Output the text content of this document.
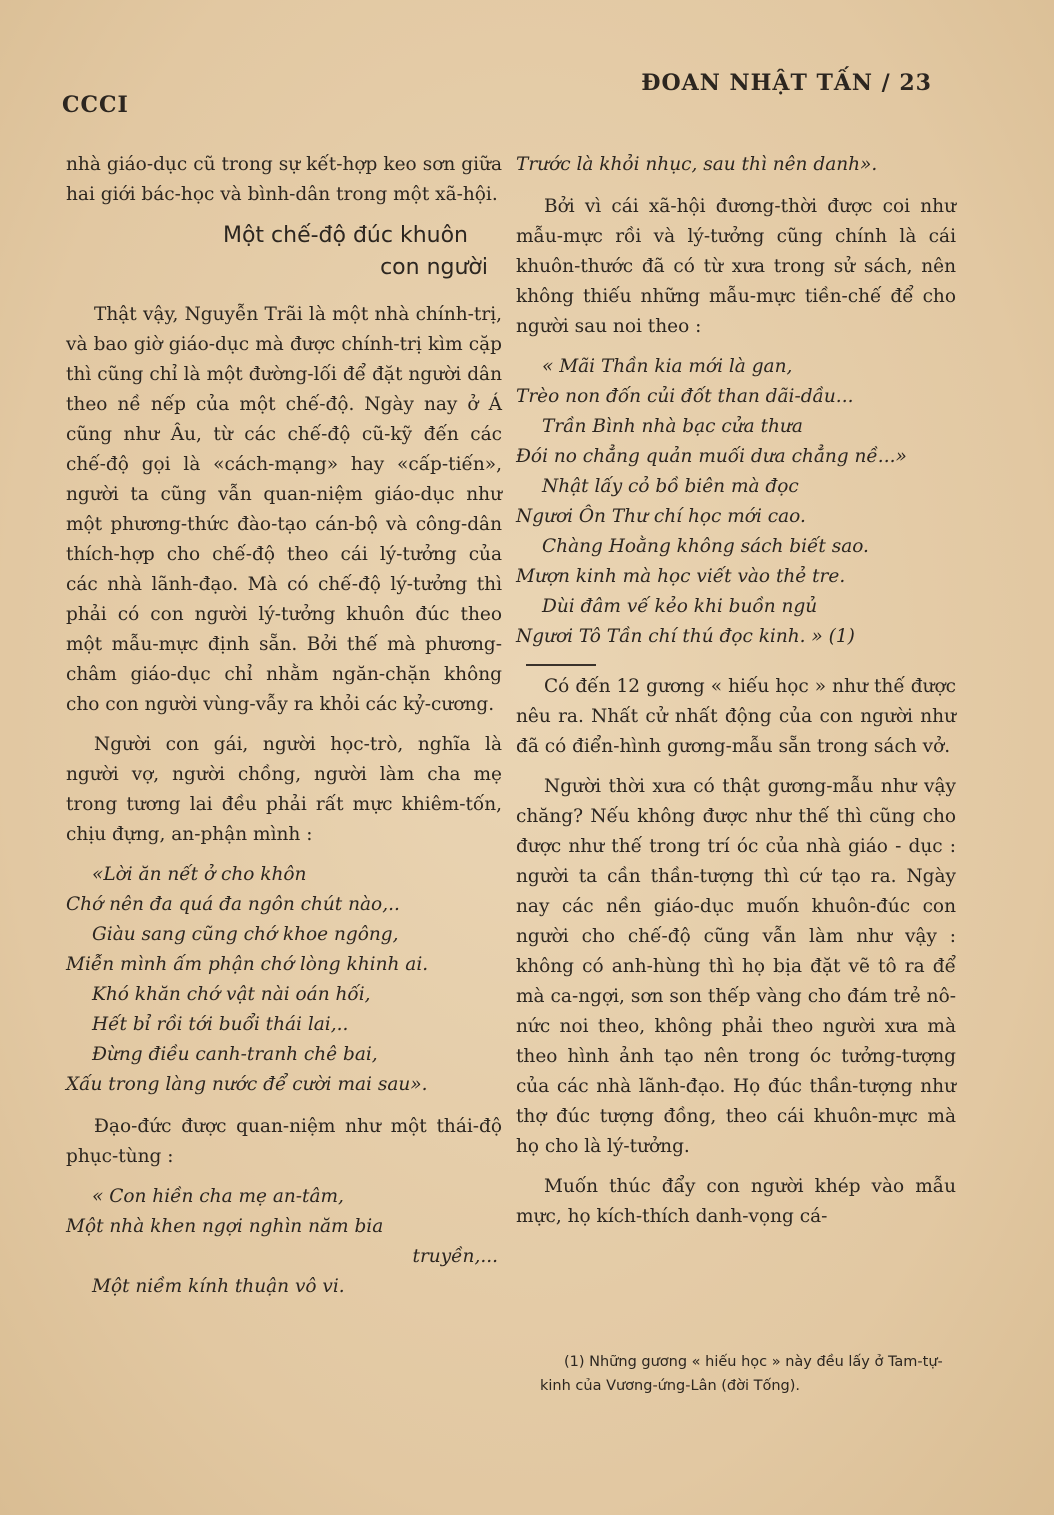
CCCI
ĐOAN NHẬT TẤN / 23

nhà giáo-dục cũ trong sự kết-hợp keo sơn giữa hai giới bác-học và bình-dân trong một xã-hội.

Một chế-độ đúc khuôn
con người

Thật vậy, Nguyễn Trãi là một nhà chính-trị, và bao giờ giáo-dục mà được chính-trị kìm cặp thì cũng chỉ là một đường-lối để đặt người dân theo nề nếp của một chế-độ. Ngày nay ở Á cũng như Âu, từ các chế-độ cũ-kỹ đến các chế-độ gọi là «cách-mạng» hay «cấp-tiến», người ta cũng vẫn quan-niệm giáo-dục như một phương-thức đào-tạo cán-bộ và công-dân thích-hợp cho chế-độ theo cái lý-tưởng của các nhà lãnh-đạo. Mà có chế-độ lý-tưởng thì phải có con người lý-tưởng khuôn đúc theo một mẫu-mực định sẵn. Bởi thế mà phương-châm giáo-dục chỉ nhằm ngăn-chặn không cho con người vùng-vẫy ra khỏi các kỷ-cương.

Người con gái, người học-trò, nghĩa là người vợ, người chồng, người làm cha mẹ trong tương lai đều phải rất mực khiêm-tốn, chịu đựng, an-phận mình :

«Lời ăn nết ở cho khôn
Chớ nên đa quá đa ngôn chút nào,..
Giàu sang cũng chớ khoe ngông,
Miễn mình ấm phận chớ lòng khinh ai.
Khó khăn chớ vật nài oán hối,
Hết bỉ rồi tới buổi thái lai,..
Đừng điều canh-tranh chê bai,
Xấu trong làng nước để cười mai sau».

Đạo-đức được quan-niệm như một thái-độ phục-tùng :

« Con hiền cha mẹ an-tâm,
Một nhà khen ngợi nghìn năm bia
truyền,...
Một niềm kính thuận vô vi.
Trước là khỏi nhục, sau thì nên danh».

Bởi vì cái xã-hội đương-thời được coi như mẫu-mực rồi và lý-tưởng cũng chính là cái khuôn-thước đã có từ xưa trong sử sách, nên không thiếu những mẫu-mực tiền-chế để cho người sau noi theo :

« Mãi Thần kia mới là gan,
Trèo non đốn củi đốt than dãi-dầu...
Trần Bình nhà bạc cửa thưa
Đói no chẳng quản muối dưa chẳng nề...»
Nhật lấy cỏ bồ biên mà đọc
Ngươi Ôn Thư chí học mới cao.
Chàng Hoằng không sách biết sao.
Mượn kinh mà học viết vào thẻ tre.
Dùi đâm vế kẻo khi buồn ngủ
Ngươi Tô Tần chí thú đọc kinh. » (1)

Có đến 12 gương « hiếu học » như thế được nêu ra. Nhất cử nhất động của con người như đã có điển-hình gương-mẫu sẵn trong sách vở.

Người thời xưa có thật gương-mẫu như vậy chăng? Nếu không được như thế thì cũng cho được như thế trong trí óc của nhà giáo - dục : người ta cần thần-tượng thì cứ tạo ra. Ngày nay các nền giáo-dục muốn khuôn-đúc con người cho chế-độ cũng vẫn làm như vậy : không có anh-hùng thì họ bịa đặt vẽ tô ra để mà ca-ngợi, sơn son thếp vàng cho đám trẻ nô-nức noi theo, không phải theo người xưa mà theo hình ảnh tạo nên trong óc tưởng-tượng của các nhà lãnh-đạo. Họ đúc thần-tượng như thợ đúc tượng đồng, theo cái khuôn-mực mà họ cho là lý-tưởng.

Muốn thúc đẩy con người khép vào mẫu mực, họ kích-thích danh-vọng cá-

(1) Những gương « hiếu học » này đều lấy ở Tam-tự-kinh của Vương-ứng-Lân (đời Tống).
